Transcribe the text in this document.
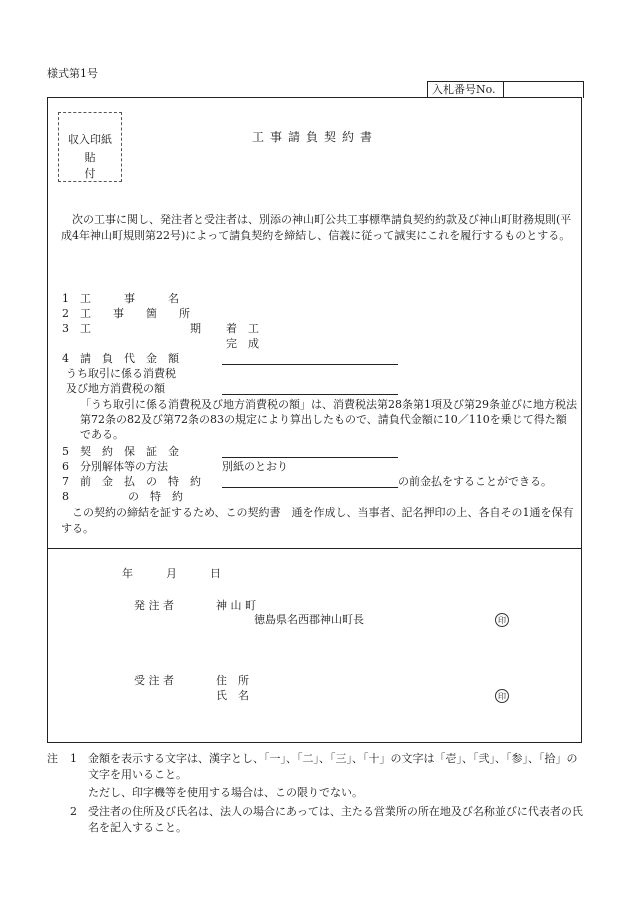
様式第1号
入札番号No.
収入印紙
貼付
工事請負契約書
次の工事に関し、発注者と受注者は、別添の神山町公共工事標準請負契約約款及び神山町財務規則(平成4年神山町規則第22号)によって請負契約を締結し、信義に従って誠実にこれを履行するものとする。
1 工　　　事　　　名
2 工　　事　　箇　　所
3 工　　　　　　　　　期 着　工
完　成
4 請　負　代　金　額
うち取引に係る消費税
及び地方消費税の額
「うち取引に係る消費税及び地方消費税の額」は、消費税法第28条第1項及び第29条並びに地方税法第72条の82及び第72条の83の規定により算出したもので、請負代金額に10／110を乗じて得た額である。
5 契　約　保　証　金
6 分別解体等の方法	別紙のとおり
7 前　金　払　の　特　約	の前金払をすることができる。
8	の　特　約
この契約の締結を証するため、この契約書　通を作成し、当事者、記名押印の上、各自その1通を保有する。
年　　　月　　　日
発 注 者	神 山 町
徳島県名西郡神山町長	印
受 注 者	住　所
氏　名	印
注 1 金額を表示する文字は、漢字とし、「一」、「二」、「三」、「十」の文字は「壱」、「弐」、「参」、「拾」の文字を用いること。
ただし、印字機等を使用する場合は、この限りでない。
2 受注者の住所及び氏名は、法人の場合にあっては、主たる営業所の所在地及び名称並びに代表者の氏名を記入すること。
